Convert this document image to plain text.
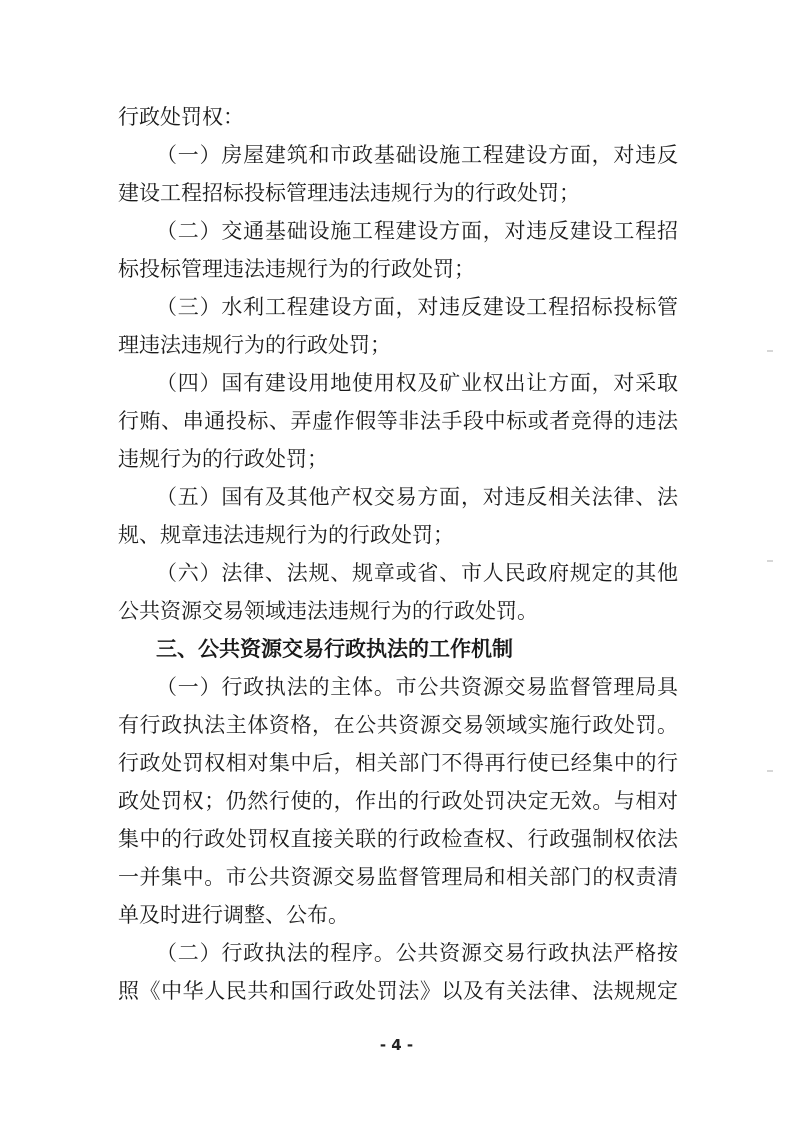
行政处罚权：
（一）房屋建筑和市政基础设施工程建设方面，对违反
建设工程招标投标管理违法违规行为的行政处罚；
（二）交通基础设施工程建设方面，对违反建设工程招
标投标管理违法违规行为的行政处罚；
（三）水利工程建设方面，对违反建设工程招标投标管
理违法违规行为的行政处罚；
（四）国有建设用地使用权及矿业权出让方面，对采取
行贿、串通投标、弄虚作假等非法手段中标或者竞得的违法
违规行为的行政处罚；
（五）国有及其他产权交易方面，对违反相关法律、法
规、规章违法违规行为的行政处罚；
（六）法律、法规、规章或省、市人民政府规定的其他
公共资源交易领域违法违规行为的行政处罚。
三、公共资源交易行政执法的工作机制
（一）行政执法的主体。市公共资源交易监督管理局具
有行政执法主体资格，在公共资源交易领域实施行政处罚。
行政处罚权相对集中后，相关部门不得再行使已经集中的行
政处罚权；仍然行使的，作出的行政处罚决定无效。与相对
集中的行政处罚权直接关联的行政检查权、行政强制权依法
一并集中。市公共资源交易监督管理局和相关部门的权责清
单及时进行调整、公布。
（二）行政执法的程序。公共资源交易行政执法严格按
照《中华人民共和国行政处罚法》以及有关法律、法规规定
- 4 -
